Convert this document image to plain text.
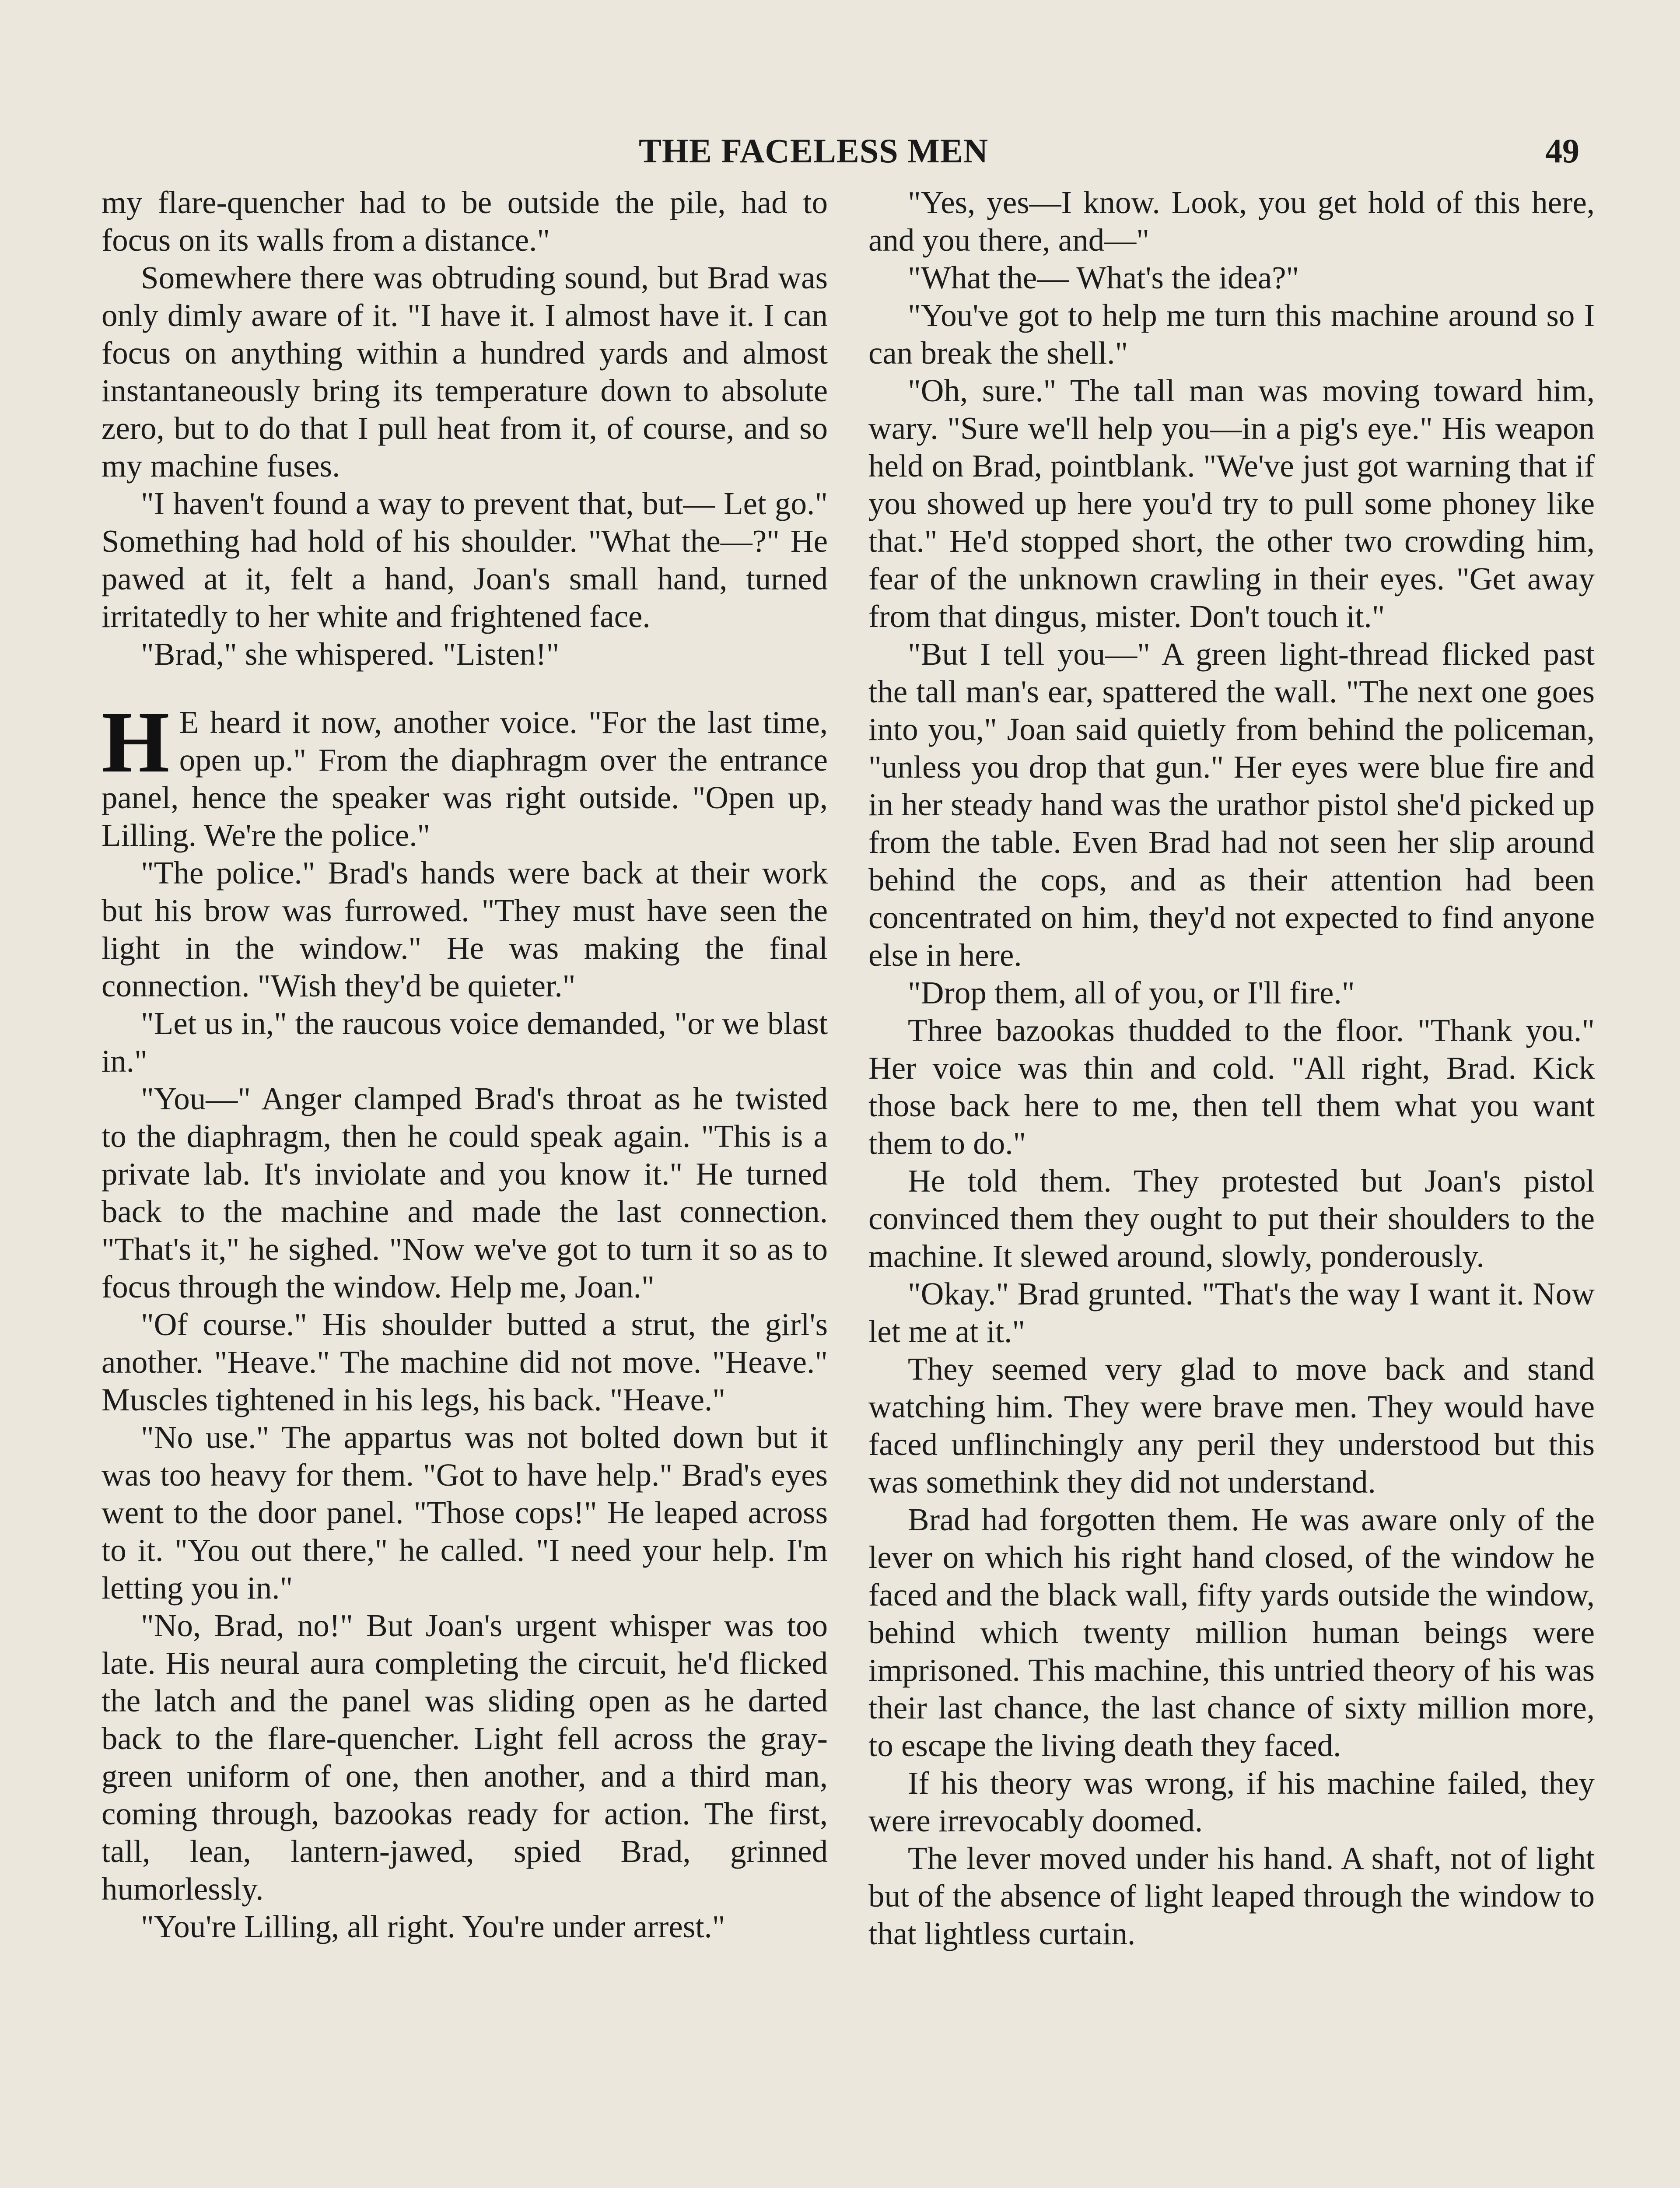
THE FACELESS MEN	49

my flare-quencher had to be outside the pile, had to focus on its walls from a distance."

Somewhere there was obtruding sound, but Brad was only dimly aware of it. "I have it. I almost have it. I can focus on anything within a hundred yards and almost instantaneously bring its temperature down to absolute zero, but to do that I pull heat from it, of course, and so my machine fuses.

"I haven't found a way to prevent that, but— Let go." Something had hold of his shoulder. "What the—?" He pawed at it, felt a hand, Joan's small hand, turned irritatedly to her white and frightened face.

"Brad," she whispered. "Listen!"

H E heard it now, another voice. "For the last time, open up." From the diaphragm over the entrance panel, hence the speaker was right outside. "Open up, Lilling. We're the police."

"The police." Brad's hands were back at their work but his brow was furrowed. "They must have seen the light in the window." He was making the final connection. "Wish they'd be quieter."

"Let us in," the raucous voice demanded, "or we blast in."

"You—" Anger clamped Brad's throat as he twisted to the diaphragm, then he could speak again. "This is a private lab. It's inviolate and you know it." He turned back to the machine and made the last connection. "That's it," he sighed. "Now we've got to turn it so as to focus through the window. Help me, Joan."

"Of course." His shoulder butted a strut, the girl's another. "Heave." The machine did not move. "Heave." Muscles tightened in his legs, his back. "Heave."

"No use." The appartus was not bolted down but it was too heavy for them. "Got to have help." Brad's eyes went to the door panel. "Those cops!" He leaped across to it. "You out there," he called. "I need your help. I'm letting you in."

"No, Brad, no!" But Joan's urgent whisper was too late. His neural aura completing the circuit, he'd flicked the latch and the panel was sliding open as he darted back to the flare-quencher. Light fell across the gray-green uniform of one, then another, and a third man, coming through, bazookas ready for action. The first, tall, lean, lantern-jawed, spied Brad, grinned humorlessly.

"You're Lilling, all right. You're under arrest."

"Yes, yes—I know. Look, you get hold of this here, and you there, and—"

"What the— What's the idea?"

"You've got to help me turn this machine around so I can break the shell."

"Oh, sure." The tall man was moving toward him, wary. "Sure we'll help you—in a pig's eye." His weapon held on Brad, pointblank. "We've just got warning that if you showed up here you'd try to pull some phoney like that." He'd stopped short, the other two crowding him, fear of the unknown crawling in their eyes. "Get away from that dingus, mister. Don't touch it."

"But I tell you—" A green light-thread flicked past the tall man's ear, spattered the wall. "The next one goes into you," Joan said quietly from behind the policeman, "unless you drop that gun." Her eyes were blue fire and in her steady hand was the urathor pistol she'd picked up from the table. Even Brad had not seen her slip around behind the cops, and as their attention had been concentrated on him, they'd not expected to find anyone else in here.

"Drop them, all of you, or I'll fire."

Three bazookas thudded to the floor. "Thank you." Her voice was thin and cold. "All right, Brad. Kick those back here to me, then tell them what you want them to do."

He told them. They protested but Joan's pistol convinced them they ought to put their shoulders to the machine. It slewed around, slowly, ponderously.

"Okay." Brad grunted. "That's the way I want it. Now let me at it."

They seemed very glad to move back and stand watching him. They were brave men. They would have faced unflinchingly any peril they understood but this was somethink they did not understand.

Brad had forgotten them. He was aware only of the lever on which his right hand closed, of the window he faced and the black wall, fifty yards outside the window, behind which twenty million human beings were imprisoned. This machine, this untried theory of his was their last chance, the last chance of sixty million more, to escape the living death they faced.

If his theory was wrong, if his machine failed, they were irrevocably doomed.

The lever moved under his hand. A shaft, not of light but of the absence of light leaped through the window to that lightless curtain.
